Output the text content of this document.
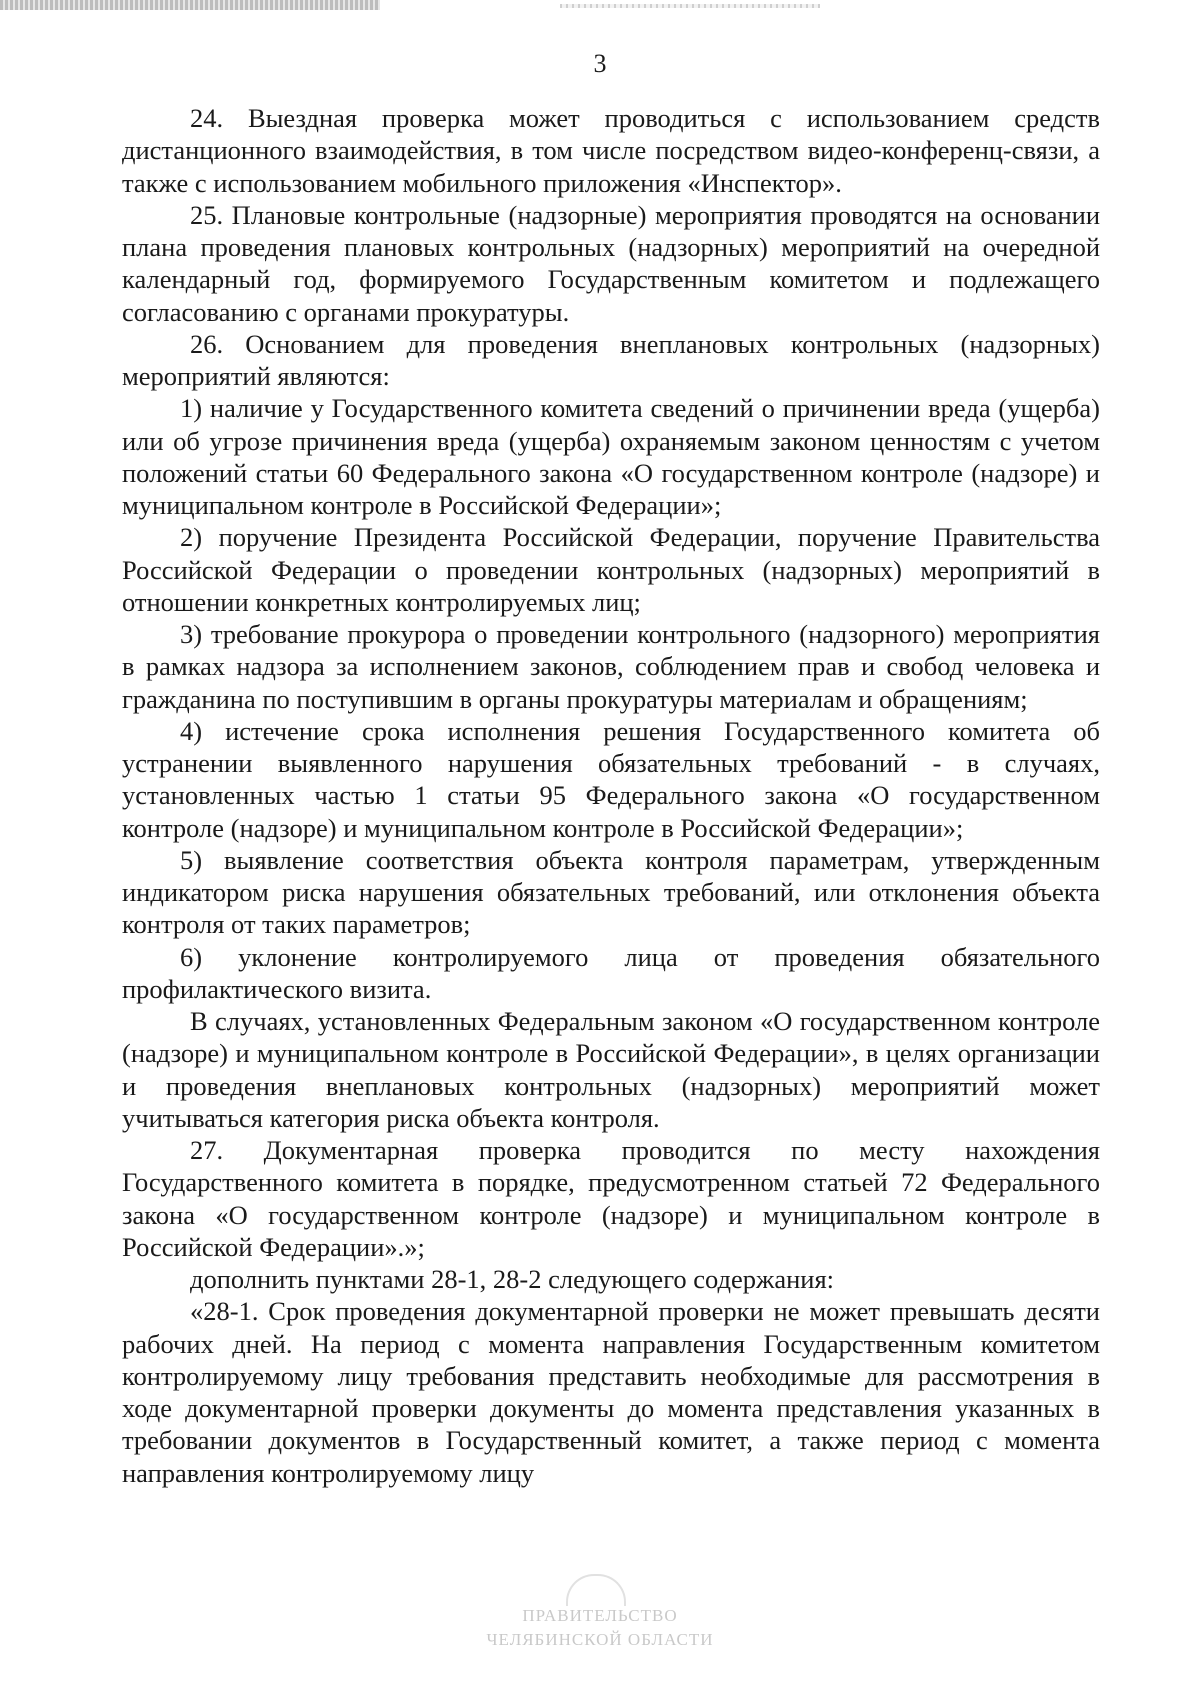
3

24. Выездная проверка может проводиться с использованием средств дистанционного взаимодействия, в том числе посредством видео-конференц-связи, а также с использованием мобильного приложения «Инспектор».

25. Плановые контрольные (надзорные) мероприятия проводятся на основании плана проведения плановых контрольных (надзорных) мероприятий на очередной календарный год, формируемого Государственным комитетом и подлежащего согласованию с органами прокуратуры.

26. Основанием для проведения внеплановых контрольных (надзорных) мероприятий являются:

1) наличие у Государственного комитета сведений о причинении вреда (ущерба) или об угрозе причинения вреда (ущерба) охраняемым законом ценностям с учетом положений статьи 60 Федерального закона «О государственном контроле (надзоре) и муниципальном контроле в Российской Федерации»;

2) поручение Президента Российской Федерации, поручение Правительства Российской Федерации о проведении контрольных (надзорных) мероприятий в отношении конкретных контролируемых лиц;

3) требование прокурора о проведении контрольного (надзорного) мероприятия в рамках надзора за исполнением законов, соблюдением прав и свобод человека и гражданина по поступившим в органы прокуратуры материалам и обращениям;

4) истечение срока исполнения решения Государственного комитета об устранении выявленного нарушения обязательных требований - в случаях, установленных частью 1 статьи 95 Федерального закона «О государственном контроле (надзоре) и муниципальном контроле в Российской Федерации»;

5) выявление соответствия объекта контроля параметрам, утвержденным индикатором риска нарушения обязательных требований, или отклонения объекта контроля от таких параметров;

6) уклонение контролируемого лица от проведения обязательного профилактического визита.

В случаях, установленных Федеральным законом «О государственном контроле (надзоре) и муниципальном контроле в Российской Федерации», в целях организации и проведения внеплановых контрольных (надзорных) мероприятий может учитываться категория риска объекта контроля.

27. Документарная проверка проводится по месту нахождения Государственного комитета в порядке, предусмотренном статьей 72 Федерального закона «О государственном контроле (надзоре) и муниципальном контроле в Российской Федерации».»;

дополнить пунктами 28-1, 28-2 следующего содержания:

«28-1. Срок проведения документарной проверки не может превышать десяти рабочих дней. На период с момента направления Государственным комитетом контролируемому лицу требования представить необходимые для рассмотрения в ходе документарной проверки документы до момента представления указанных в требовании документов в Государственный комитет, а также период с момента направления контролируемому лицу

ПРАВИТЕЛЬСТВО
ЧЕЛЯБИНСКОЙ ОБЛАСТИ
